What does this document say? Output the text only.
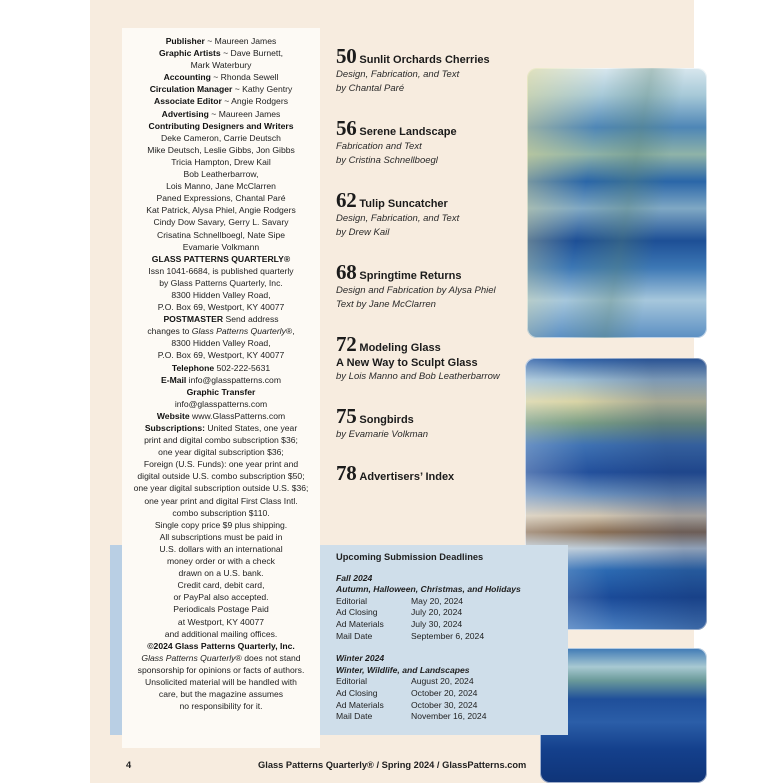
Publisher ~ Maureen James
Graphic Artists ~ Dave Burnett,
Mark Waterbury
Accounting ~ Rhonda Sewell
Circulation Manager ~ Kathy Gentry
Associate Editor ~ Angie Rodgers
Advertising ~ Maureen James
Contributing Designers and Writers
Deke Cameron, Carrie Deutsch
Mike Deutsch, Leslie Gibbs, Jon Gibbs
Tricia Hampton, Drew Kail
Bob Leatherbarrow,
Lois Manno, Jane McClarren
Paned Expressions, Chantal Paré
Kat Patrick, Alysa Phiel, Angie Rodgers
Cindy Dow Savary, Gerry L. Savary
Crisatina Schnellboegl, Nate Sipe
Evamarie Volkmann
GLASS PATTERNS QUARTERLY®
Issn 1041-6684, is published quarterly
by Glass Patterns Quarterly, Inc.
8300 Hidden Valley Road,
P.O. Box 69, Westport, KY 40077
POSTMASTER Send address
changes to Glass Patterns Quarterly®,
8300 Hidden Valley Road,
P.O. Box 69, Westport, KY 40077
Telephone 502-222-5631
E-Mail info@glasspatterns.com
Graphic Transfer
info@glasspatterns.com
Website www.GlassPatterns.com
Subscriptions: United States, one year
print and digital combo subscription $36;
one year digital subscription $36;
Foreign (U.S. Funds): one year print and
digital outside U.S. combo subscription $50;
one year digital subscription outside U.S. $36;
one year print and digital First Class Intl.
combo subscription $110.
Single copy price $9 plus shipping.
All subscriptions must be paid in
U.S. dollars with an international
money order or with a check
drawn on a U.S. bank.
Credit card, debit card,
or PayPal also accepted.
Periodicals Postage Paid
at Westport, KY 40077
and additional mailing offices.
©2024 Glass Patterns Quarterly, Inc.
Glass Patterns Quarterly® does not stand
sponsorship for opinions or facts of authors.
Unsolicited material will be handled with
care, but the magazine assumes
no responsibility for it.
50 Sunlit Orchards Cherries
Design, Fabrication, and Text
by Chantal Paré
56 Serene Landscape
Fabrication and Text
by Cristina Schnellboegl
62 Tulip Suncatcher
Design, Fabrication, and Text
by Drew Kail
68 Springtime Returns
Design and Fabrication by Alysa Phiel
Text by Jane McClarren
72 Modeling Glass
A New Way to Sculpt Glass
by Lois Manno and Bob Leatherbarrow
75 Songbirds
by Evamarie Volkman
78 Advertisers’ Index
Upcoming Submission Deadlines
Fall 2024
Autumn, Halloween, Christmas, and Holidays
Editorial	May 20, 2024
Ad Closing	July 20, 2024
Ad Materials	July 30, 2024
Mail Date	September 6, 2024
Winter 2024
Winter, Wildlife, and Landscapes
Editorial	August 20, 2024
Ad Closing	October 20, 2024
Ad Materials	October 30, 2024
Mail Date	November 16, 2024
4	Glass Patterns Quarterly® / Spring 2024 / GlassPatterns.com
